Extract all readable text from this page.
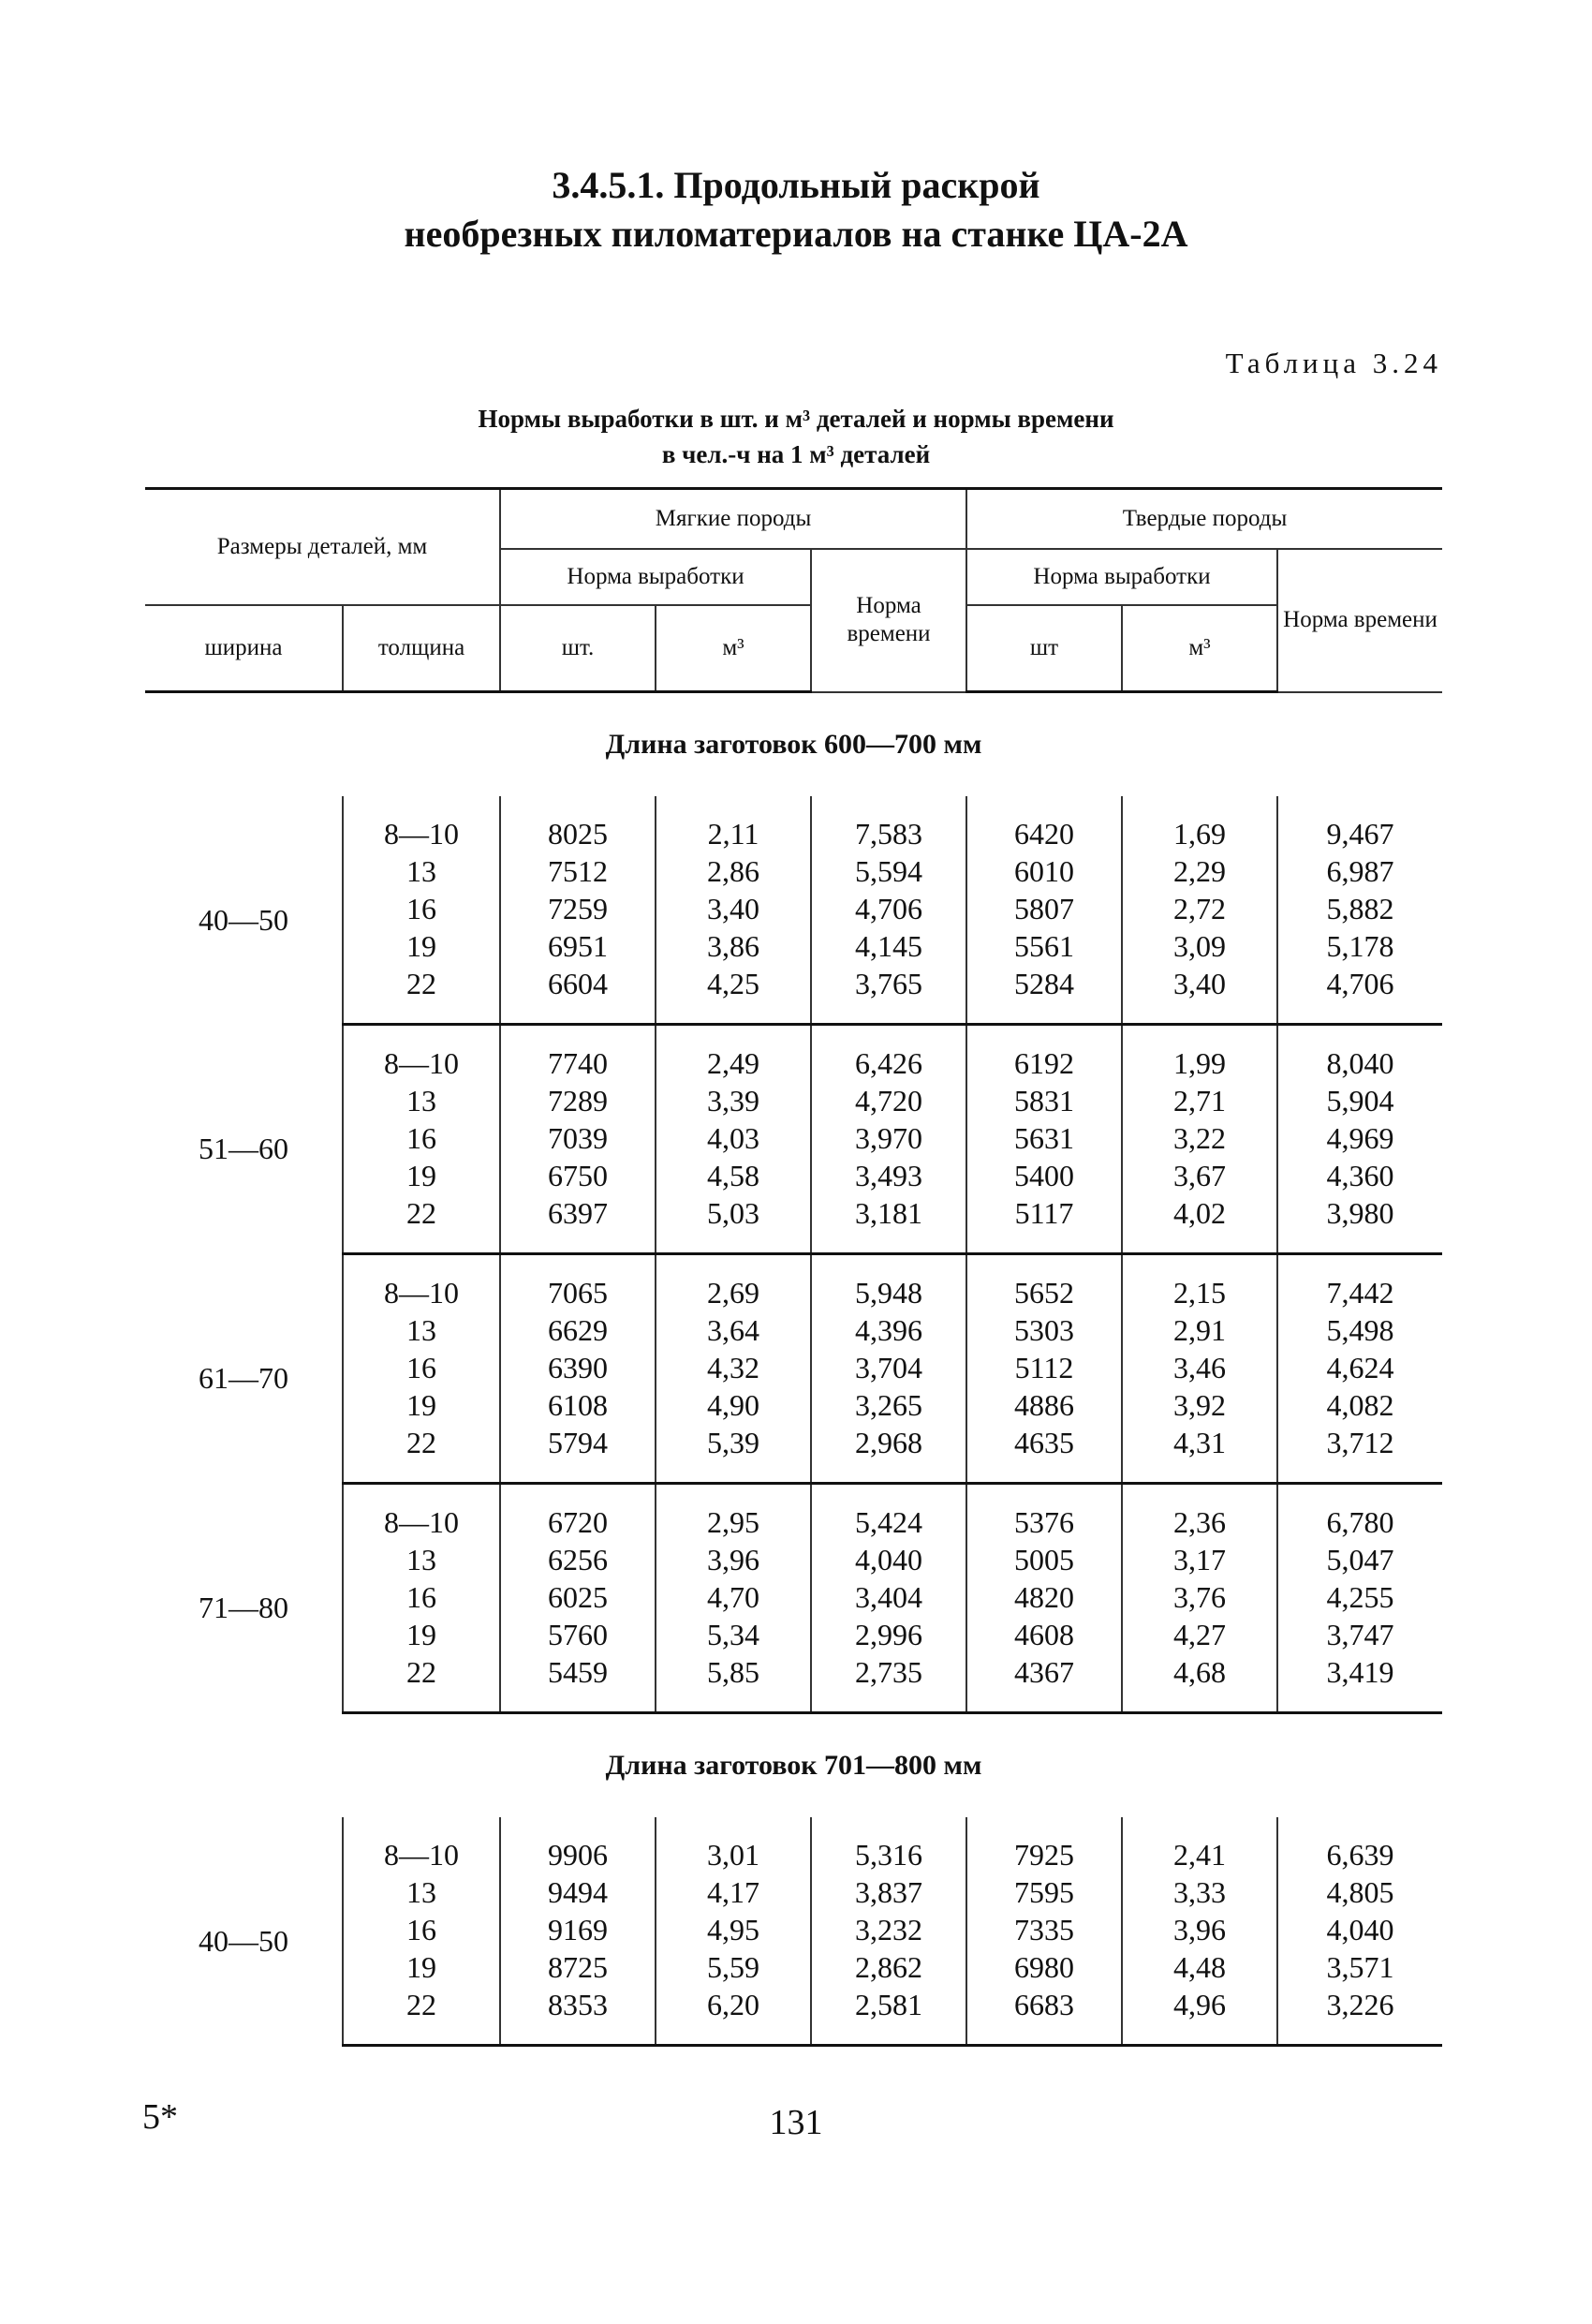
3.4.5.1. Продольный раскрой
необрезных пиломатериалов на станке ЦА-2А
Таблица 3.24
Нормы выработки в шт. и м³ деталей и нормы времени
в чел.-ч на 1 м³ деталей
Размеры деталей, мм		Мягкие породы			Твердые породы		
		Норма выработки		Норма времени	Норма выработки		Норма времени
ширина	толщина	шт.	м³		шт	м³	
Длина заготовок 600—700 мм							
40—50	8—10	8025	2,11	7,583	6420	1,69	9,467
	13	7512	2,86	5,594	6010	2,29	6,987
	16	7259	3,40	4,706	5807	2,72	5,882
	19	6951	3,86	4,145	5561	3,09	5,178
	22	6604	4,25	3,765	5284	3,40	4,706
51—60	8—10	7740	2,49	6,426	6192	1,99	8,040
	13	7289	3,39	4,720	5831	2,71	5,904
	16	7039	4,03	3,970	5631	3,22	4,969
	19	6750	4,58	3,493	5400	3,67	4,360
	22	6397	5,03	3,181	5117	4,02	3,980
61—70	8—10	7065	2,69	5,948	5652	2,15	7,442
	13	6629	3,64	4,396	5303	2,91	5,498
	16	6390	4,32	3,704	5112	3,46	4,624
	19	6108	4,90	3,265	4886	3,92	4,082
	22	5794	5,39	2,968	4635	4,31	3,712
71—80	8—10	6720	2,95	5,424	5376	2,36	6,780
	13	6256	3,96	4,040	5005	3,17	5,047
	16	6025	4,70	3,404	4820	3,76	4,255
	19	5760	5,34	2,996	4608	4,27	3,747
	22	5459	5,85	2,735	4367	4,68	3,419
Длина заготовок 701—800 мм							
40—50	8—10	9906	3,01	5,316	7925	2,41	6,639
	13	9494	4,17	3,837	7595	3,33	4,805
	16	9169	4,95	3,232	7335	3,96	4,040
	19	8725	5,59	2,862	6980	4,48	3,571
	22	8353	6,20	2,581	6683	4,96	3,226
5*	131
